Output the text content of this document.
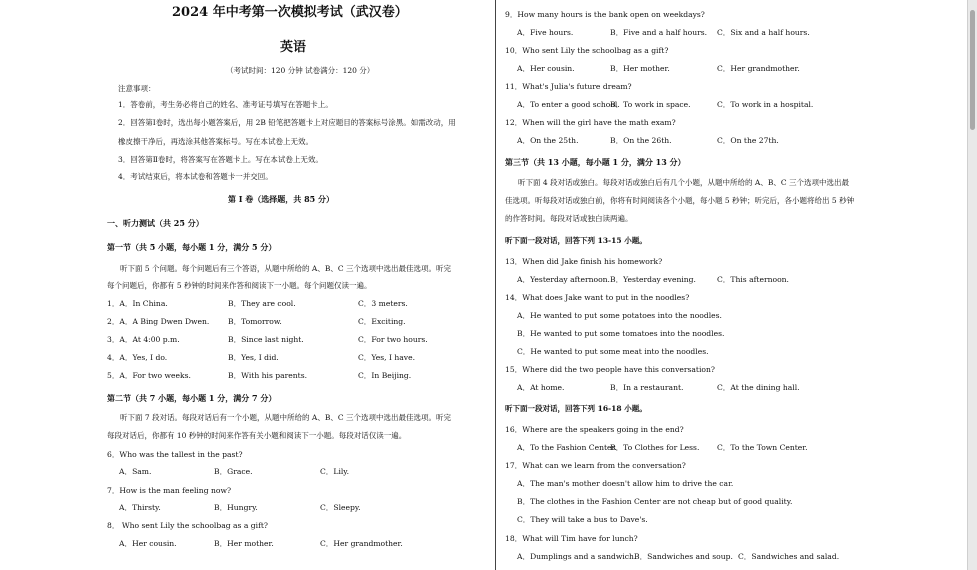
2024 年中考第一次模拟考试（武汉卷）
英语
（考试时间：120 分钟 试卷满分：120 分）
注意事项：
1．答卷前，考生务必将自己的姓名、准考证号填写在答题卡上。
2．回答第Ⅰ卷时，选出每小题答案后，用 2B 铅笔把答题卡上对应题目的答案标号涂黑。如需改动，用
橡皮擦干净后，再选涂其他答案标号。写在本试卷上无效。
3．回答第Ⅱ卷时，将答案写在答题卡上。写在本试卷上无效。
4．考试结束后，将本试卷和答题卡一并交回。
第 I 卷（选择题，共 85 分）
一、听力测试（共 25 分）
第一节（共 5 小题，每小题 1 分，满分 5 分）
听下面 5 个问题。每个问题后有三个答语，从题中所给的 A、B、C 三个选项中选出最佳选项。听完
每个问题后，你都有 5 秒钟的时间来作答和阅读下一小题。每个问题仅读一遍。
1．A．In China.	B．They are cool.	C．3 meters.
2．A．A Bing Dwen Dwen. B．Tomorrow.	C．Exciting.
3．A．At 4:00 p.m.	B．Since last night.	C．For two hours.
4．A．Yes, I do.	B．Yes, I did.	C．Yes, I have.
5．A．For two weeks.	B．With his parents.	C．In Beijing.
第二节（共 7 小题，每小题 1 分，满分 7 分）
听下面 7 段对话。每段对话后有一个小题，从题中所给的 A、B、C 三个选项中选出最佳选项。听完
每段对话后，你都有 10 秒钟的时间来作答有关小题和阅读下一小题。每段对话仅读一遍。
6．Who was the tallest in the past?
A．Sam.	B．Grace.	C．Lily.
7．How is the man feeling now?
A．Thirsty.	B．Hungry.	C．Sleepy.
8． Who sent Lily the schoolbag as a gift?
A．Her cousin.	B．Her mother.	C．Her grandmother.
9．How many hours is the bank open on weekdays?
A．Five hours.	B．Five and a half hours. C．Six and a half hours.
10．Who sent Lily the schoolbag as a gift?
A．Her cousin.	B．Her mother.	C．Her grandmother.
11．What's Julia's future dream?
A．To enter a good school.
B．To work in space.	C．To work in a hospital.
12．When will the girl have the math exam?
A．On the 25th.	B．On the 26th.	C．On the 27th.
第三节（共 13 小题，每小题 1 分，满分 13 分）
听下面 4 段对话或独白。每段对话或独白后有几个小题，从题中所给的 A、B、C 三个选项中选出最
佳选项。听每段对话或独白前，你将有时间阅读各个小题，每小题 5 秒钟；听完后，各小题将给出 5 秒钟
的作答时间。每段对话或独白读两遍。
听下面一段对话，回答下列 13-15 小题。
13．When did Jake finish his homework?
A．Yesterday afternoon. B．Yesterday evening.	C．This afternoon.
14．What does Jake want to put in the noodles?
A．He wanted to put some potatoes into the noodles.
B．He wanted to put some tomatoes into the noodles.
C．He wanted to put some meat into the noodles.
15．Where did the two people have this conversation?
A．At home.	B．In a restaurant.	C．At the dining hall.
听下面一段对话，回答下列 16-18 小题。
16．Where are the speakers going in the end?
A．To the Fashion Center.
B．To Clothes for Less. C．To the Town Center.
17．What can we learn from the conversation?
A．The man's mother doesn't allow him to drive the car.
B．The clothes in the Fashion Center are not cheap but of good quality.
C．They will take a bus to Dave's.
18．What will Tim have for lunch?
A．Dumplings and a sandwich.
B．Sandwiches and soup. C．Sandwiches and salad.
